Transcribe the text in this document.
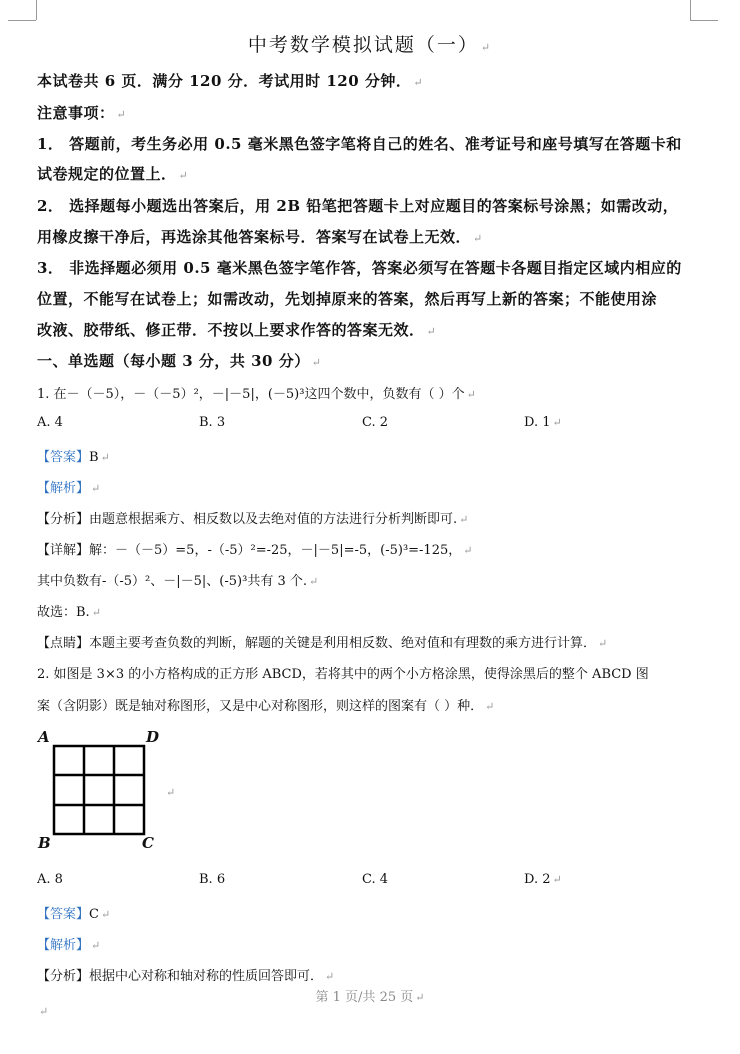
中考数学模拟试题（一） ↵
本试卷共 6 页．满分 120 分．考试用时 120 分钟． ↵
注意事项： ↵
1． 答题前，考生务必用 0.5 毫米黑色签字笔将自己的姓名、准考证号和座号填写在答题卡和
试卷规定的位置上． ↵
2． 选择题每小题选出答案后，用 2B 铅笔把答题卡上对应题目的答案标号涂黑；如需改动，
用橡皮擦干净后，再选涂其他答案标号．答案写在试卷上无效． ↵
3． 非选择题必须用 0.5 毫米黑色签字笔作答，答案必须写在答题卡各题目指定区域内相应的
位置，不能写在试卷上；如需改动，先划掉原来的答案，然后再写上新的答案；不能使用涂
改液、胶带纸、修正带．不按以上要求作答的答案无效． ↵
一、单选题（每小题 3 分，共 30 分） ↵
1. 在－（－5），－（－5）²，－|－5|，(－5)³这四个数中，负数有（ ）个 ↵
A. 4	B. 3	C. 2	D. 1 ↵
【答案】B ↵
【解析】 ↵
【分析】由题意根据乘方、相反数以及去绝对值的方法进行分析判断即可. ↵
【详解】解：－（－5）=5，-（-5）²=-25，－|－5|=-5，(-5)³=-125， ↵
其中负数有-（-5）²、－|－5|、(-5)³共有 3 个. ↵
故选：B. ↵
【点睛】本题主要考查负数的判断，解题的关键是利用相反数、绝对值和有理数的乘方进行计算． ↵
2. 如图是 3×3 的小方格构成的正方形 ABCD，若将其中的两个小方格涂黑，使得涂黑后的整个 ABCD 图
案（含阴影）既是轴对称图形，又是中心对称图形，则这样的图案有（ ）种． ↵
A	D
B	C
↵
A. 8	B. 6	C. 4	D. 2 ↵
【答案】C ↵
【解析】 ↵
【分析】根据中心对称和轴对称的性质回答即可． ↵
第 1 页/共 25 页 ↵
↵
